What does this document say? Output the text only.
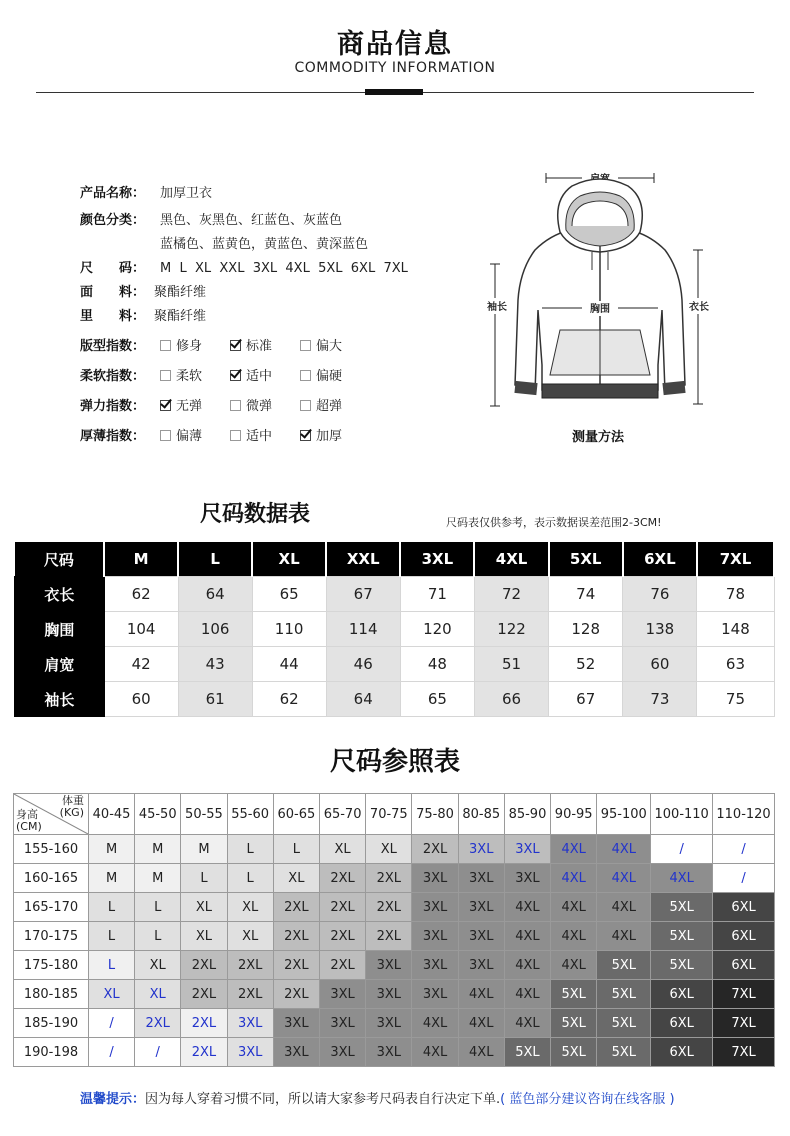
商品信息
COMMODITY INFORMATION
产品名称： 加厚卫衣
颜色分类： 黑色、灰黑色、红蓝色、灰蓝色
蓝橘色、蓝黄色，黄蓝色、黄深蓝色
尺　　码： M  L  XL  XXL  3XL  4XL  5XL  6XL  7XL
面　　料： 聚酯纤维
里　　料： 聚酯纤维
版型指数： 修身	标准	偏大
柔软指数： 柔软	适中	偏硬
弹力指数： 无弹	微弹	超弹
厚薄指数： 偏薄	适中	加厚
胸围
袖长	衣长
测量方法
尺码数据表	尺码表仅供参考，表示数据误差范围2-3CM!
尺码	M	L	XL	XXL	3XL	4XL	5XL	6XL	7XL
衣长	62	64	65	67	71	72	74	76	78
胸围	104	106	110	114	120	122	128	138	148
肩宽	42	43	44	46	48	51	52	60	63
袖长	60	61	62	64	65	66	67	73	75
尺码参照表
体重
(KG)
身高
(CM)	40-45	45-50	50-55	55-60	60-65	65-70	70-75	75-80	80-85	85-90	90-95	95-100	100-110	110-120
155-160	M	M	M	L	L	XL	XL	2XL	3XL	3XL	4XL	4XL	/	/
160-165	M	M	L	L	XL	2XL	2XL	3XL	3XL	3XL	4XL	4XL	4XL	/
165-170	L	L	XL	XL	2XL	2XL	2XL	3XL	3XL	4XL	4XL	4XL	5XL	6XL
170-175	L	L	XL	XL	2XL	2XL	2XL	3XL	3XL	4XL	4XL	4XL	5XL	6XL
175-180	L	XL	2XL	2XL	2XL	2XL	3XL	3XL	3XL	4XL	4XL	5XL	5XL	6XL
180-185	XL	XL	2XL	2XL	2XL	3XL	3XL	3XL	4XL	4XL	5XL	5XL	6XL	7XL
185-190	/	2XL	2XL	3XL	3XL	3XL	3XL	4XL	4XL	4XL	5XL	5XL	6XL	7XL
190-198	/	/	2XL	3XL	3XL	3XL	3XL	4XL	4XL	5XL	5XL	5XL	6XL	7XL
温馨提示：因为每人穿着习惯不同，所以请大家参考尺码表自行决定下单.( 蓝色部分建议咨询在线客服 )
